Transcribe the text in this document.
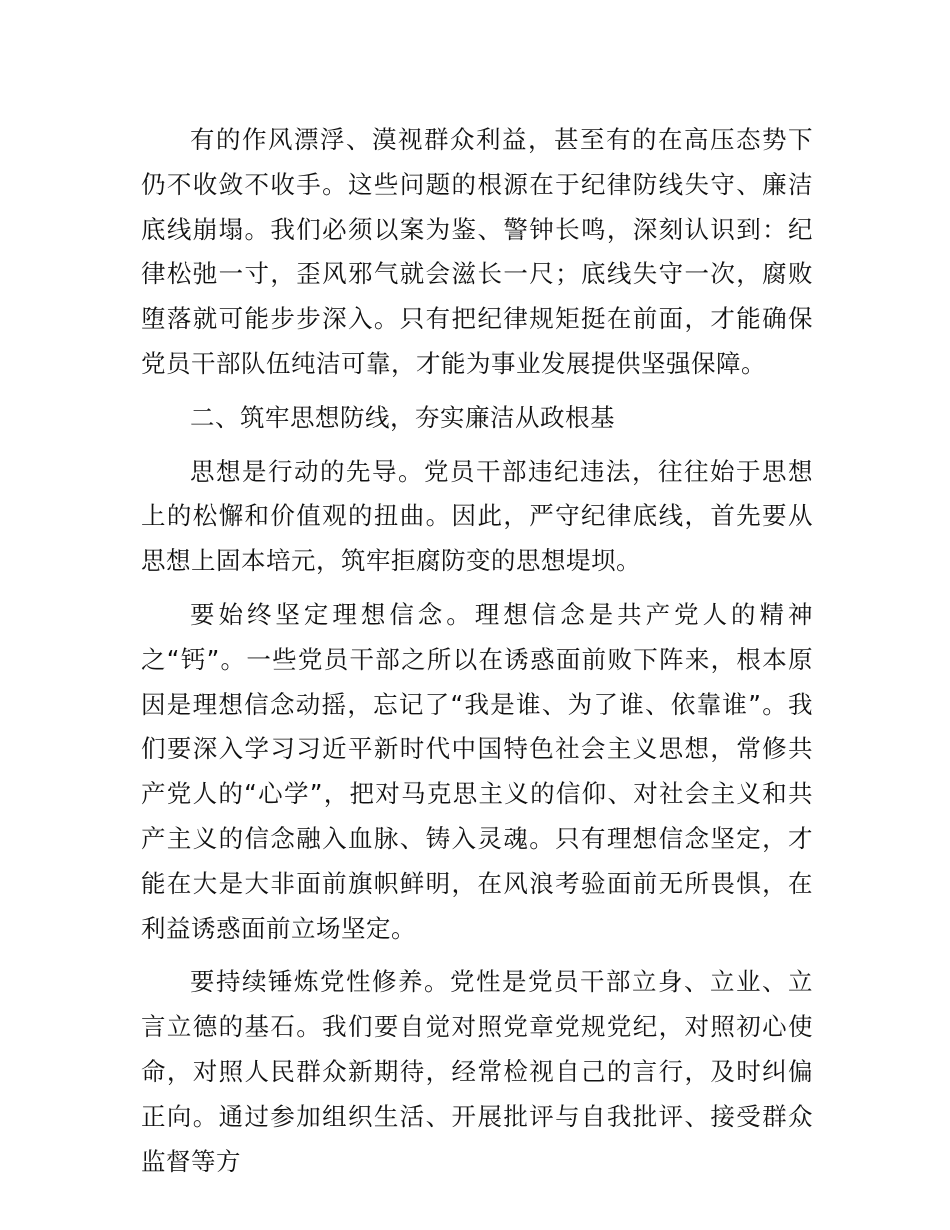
有的作风漂浮、漠视群众利益，甚至有的在高压态势下仍不收敛不收手。这些问题的根源在于纪律防线失守、廉洁底线崩塌。我们必须以案为鉴、警钟长鸣，深刻认识到：纪律松弛一寸，歪风邪气就会滋长一尺；底线失守一次，腐败堕落就可能步步深入。只有把纪律规矩挺在前面，才能确保党员干部队伍纯洁可靠，才能为事业发展提供坚强保障。

二、筑牢思想防线，夯实廉洁从政根基

思想是行动的先导。党员干部违纪违法，往往始于思想上的松懈和价值观的扭曲。因此，严守纪律底线，首先要从思想上固本培元，筑牢拒腐防变的思想堤坝。

要始终坚定理想信念。理想信念是共产党人的精神之“钙”。一些党员干部之所以在诱惑面前败下阵来，根本原因是理想信念动摇，忘记了“我是谁、为了谁、依靠谁”。我们要深入学习习近平新时代中国特色社会主义思想，常修共产党人的“心学”，把对马克思主义的信仰、对社会主义和共产主义的信念融入血脉、铸入灵魂。只有理想信念坚定，才能在大是大非面前旗帜鲜明，在风浪考验面前无所畏惧，在利益诱惑面前立场坚定。

要持续锤炼党性修养。党性是党员干部立身、立业、立言立德的基石。我们要自觉对照党章党规党纪，对照初心使命，对照人民群众新期待，经常检视自己的言行，及时纠偏正向。通过参加组织生活、开展批评与自我批评、接受群众监督等方
